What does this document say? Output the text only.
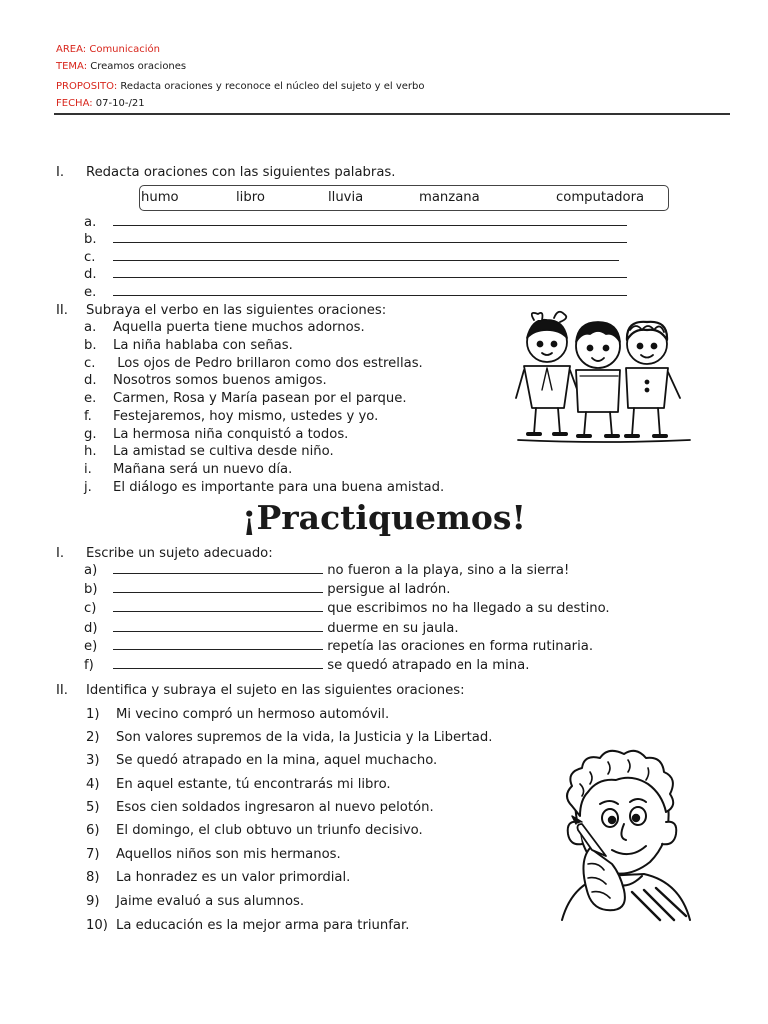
AREA: Comunicación
TEMA: Creamos oraciones
PROPOSITO: Redacta oraciones y reconoce el núcleo del sujeto y el verbo
FECHA: 07-10-/21
I. Redacta oraciones con las siguientes palabras.
humo	libro	lluvia	manzana	computadora
a.
b.
c.
d.
e.
II. Subraya el verbo en las siguientes oraciones:
a. Aquella puerta tiene muchos adornos.
b. La niña hablaba con señas.
c. Los ojos de Pedro brillaron como dos estrellas.
d. Nosotros somos buenos amigos.
e. Carmen, Rosa y María pasean por el parque.
f. Festejaremos, hoy mismo, ustedes y yo.
g. La hermosa niña conquistó a todos.
h. La amistad se cultiva desde niño.
i. Mañana será un nuevo día.
j. El diálogo es importante para una buena amistad.
¡Practiquemos!
I. Escribe un sujeto adecuado:
a)	no fueron a la playa, sino a la sierra!
b)	persigue al ladrón.
c)	que escribimos no ha llegado a su destino.
d)	duerme en su jaula.
e)	repetía las oraciones en forma rutinaria.
f)	se quedó atrapado en la mina.
II. Identifica y subraya el sujeto en las siguientes oraciones:
1) Mi vecino compró un hermoso automóvil.
2) Son valores supremos de la vida, la Justicia y la Libertad.
3) Se quedó atrapado en la mina, aquel muchacho.
4) En aquel estante, tú encontrarás mi libro.
5) Esos cien soldados ingresaron al nuevo pelotón.
6) El domingo, el club obtuvo un triunfo decisivo.
7) Aquellos niños son mis hermanos.
8) La honradez es un valor primordial.
9) Jaime evaluó a sus alumnos.
10) La educación es la mejor arma para triunfar.
